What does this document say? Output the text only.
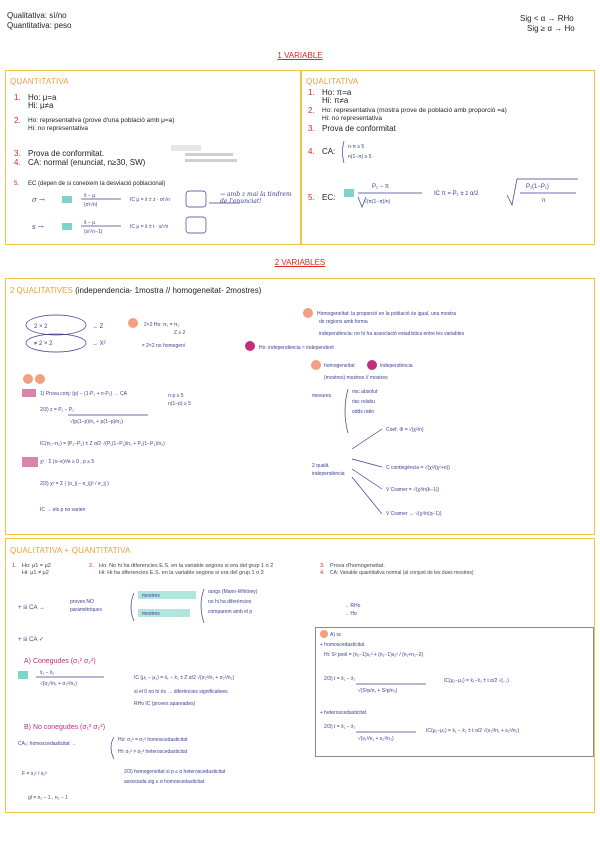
Qualitativa: sí/no
Quantitativa: peso
Sig < α → RHo
Sig ≥ α → Ho
1 VARIABLE
QUANTITATIVA
1. Ho: μ=a
Hi: μ≠a
2. Ho: representativa (prove d'una població amb μ=a)
Hi: no representativa
3. Prova de conformitat.
4. CA: normal (enunciat, n≥30, SW)
5. EC (depen de si coneixem la desviació poblacional)
σ →	x̄ − μ
(σ/√n)
IC μ = x̄ ± z · σ/√n
s →	x̄ − μ
(s/√n−1)
IC μ = x̄ ± t · s/√n
→ amb z mai la tindrem de l'enunciat!
QUALITATIVA
1. Ho: π=a
Hi: π≠a
2. Ho: representativa (mostra prove de població amb proporció =a)
Hi: no representativa
3. Prova de conformitat
4. CA:	n·π ≥ 5
n(1−π) ≥ 5
5. EC:
P₁ − π
√(π(1−π)/n)
IC π = P₁ ± z α/2
P₁(1−P₁)
n
2 VARIABLES
2 QUALITATIVES (independencia- 1mostra // homogeneitat- 2mostres)
2 × 2
≠ 2 × 2
→ Z
→ X²
2×2 Ho: π₁ = π₂
Z ≥ 2
≠ 2×2 no homogeni	Ho: independència ≈ independent
Homogeneïtat: la proporció en la població és igual, una mostra
de regions amb forma
independència: no hi ha associació estadística entre les variables
1) Prova conj: (p) − (1·P₁ + n·P₂) → CA
2/3) z = P₁ − P₂
√(p(1−p)/n₁ + p(1−p)/n₂)
n·p ≥ 5
n(1−p) ≥ 5
IC(π₁−π₂) = (P₁−P₂) ± Z α/2 √(P₁(1−P₁)/n₁ + P₂(1−P₂)/n₂)
χ² : Σ (o−e)²/e ≥ 0 , p ≥ 5
2/3) χ² = Σ ( (o_ij − e_ij)² / e_ij )
IC → els p no varien
homogeneïtat	independència
(mostres) mostres // mostres
mesures
risc absolut
risc relatiu
odds ratio
2 qualit.
independència
Coef. Φ = √(χ²/n)
C contingència = √(χ²/(χ²+n))
V Cramer = √(χ²/n(k−1))
V Cramer ↔ √(χ²/n(q−1))
QUALITATIVA + QUANTITATIVA
1. Ho: μ1 = μ2
Hi: μ1 ≠ μ2
2. Ho: No hi ha diferencies E.S. en la variable segons si era del grup 1 o 2
Hi: Hi ha diferencies E.S. en la variable segons si era del grup 1 o 2
3. Prova d'homogeneitat.
4. CA: Variable quantitativa normal (al conjunt de les dues mostres)
+ si CA →
proves NO
paramètriques
mostres
mostres
rangs (Mann-Whitney)
no hi ha diferències
comparem amb el p
→ RHo
→ Ho
+ si CA ✓
A) Conegudes (σ₁² σ₂²)
x̄₁ − x̄₂
√(σ₁²/n₁ + σ₂²/n₂)
IC (μ₁ − μ₂) = x̄₁ − x̄₂ ± Z α/2 √(σ₁²/n₁ + σ₂²/n₂)
si el 0 no hi és → diferències significatives
RHo IC (proves apareades)
B) No conegudes (σ₁² σ₂²)
CA₂: homoscedasticitat →
Ho: σ₁² = σ₂² homoscedasticitat
Hi: σ₁² ≠ σ₂² heteroscedasticitat
F = s₁² / s₂²	2/3) homogeneïtat si p ≤ α heteroscedasticitat
associada sig ≥ α homoscedasticitat
gl = n₁ − 1 , n₂ − 1
A) sc
+ homoscedasticitat
Hi: S² pool = (n₁−1)s₁² + (n₂−1)s₂² / (n₁+n₂−2)
2/3) t = x̄₁ − x̄₂
√(S²p/n₁ + S²p/n₂)
IC(μ₁−μ₂) = x̄₁−x̄₂ ± t α/2 √(...)
+ heteroscedasticitat
2/3) t = x̄₁ − x̄₂
√(s₁²/n₁ + s₂²/n₂)
IC(μ₁−μ₂) = x̄₁ − x̄₂ ± t α/2 √(s₁²/n₁ + s₂²/n₂)
